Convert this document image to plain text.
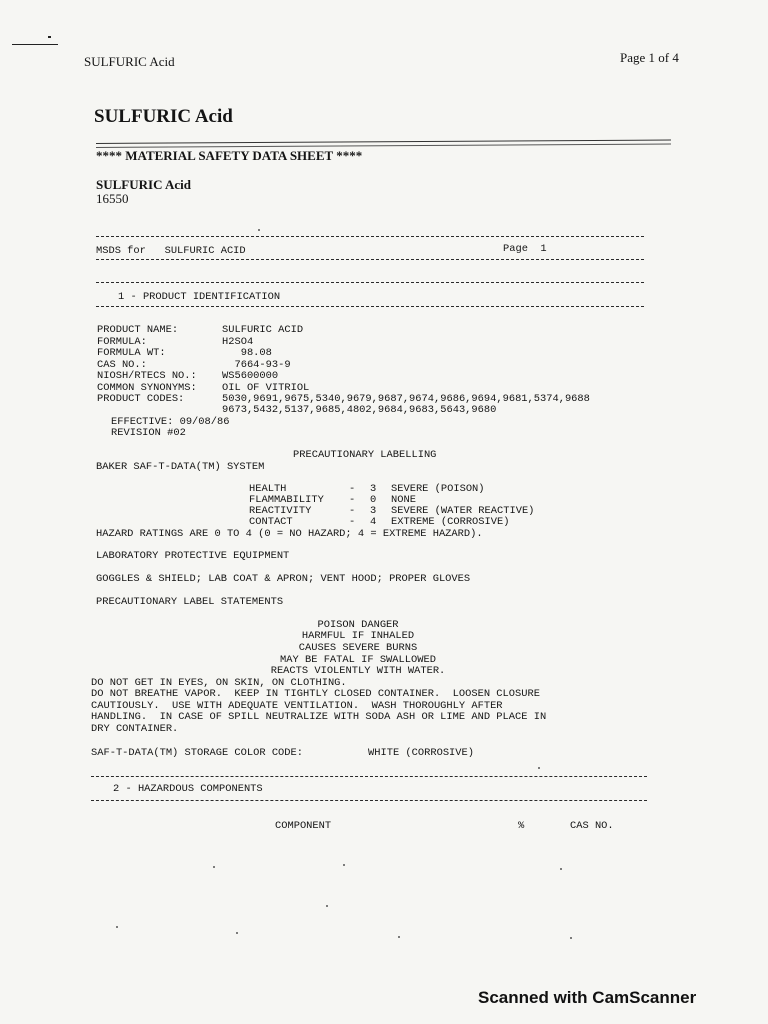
SULFURIC Acid	Page 1 of 4
SULFURIC Acid
**** MATERIAL SAFETY DATA SHEET ****
SULFURIC Acid
16550
MSDS for   SULFURIC ACID	Page  1
1 - PRODUCT IDENTIFICATION
PRODUCT NAME:	SULFURIC ACID
FORMULA:	H2SO4
FORMULA WT:	98.08
CAS NO.:	7664-93-9
NIOSH/RTECS NO.: WS5600000
COMMON SYNONYMS: OIL OF VITRIOL
PRODUCT CODES:	5030,9691,9675,5340,9679,9687,9674,9686,9694,9681,5374,9688
9673,5432,5137,9685,4802,9684,9683,5643,9680
EFFECTIVE: 09/08/86
REVISION #02
PRECAUTIONARY LABELLING
BAKER SAF-T-DATA(TM) SYSTEM
HEALTH	- 3 SEVERE (POISON)
FLAMMABILITY - 0 NONE
REACTIVITY	- 3 SEVERE (WATER REACTIVE)
CONTACT	- 4 EXTREME (CORROSIVE)
HAZARD RATINGS ARE 0 TO 4 (0 = NO HAZARD; 4 = EXTREME HAZARD).
LABORATORY PROTECTIVE EQUIPMENT
GOGGLES & SHIELD; LAB COAT & APRON; VENT HOOD; PROPER GLOVES
PRECAUTIONARY LABEL STATEMENTS
POISON DANGER
HARMFUL IF INHALED
CAUSES SEVERE BURNS
MAY BE FATAL IF SWALLOWED
REACTS VIOLENTLY WITH WATER.
DO NOT GET IN EYES, ON SKIN, ON CLOTHING.
DO NOT BREATHE VAPOR.  KEEP IN TIGHTLY CLOSED CONTAINER.  LOOSEN CLOSURE
CAUTIOUSLY.  USE WITH ADEQUATE VENTILATION.  WASH THOROUGHLY AFTER
HANDLING.  IN CASE OF SPILL NEUTRALIZE WITH SODA ASH OR LIME AND PLACE IN
DRY CONTAINER.
SAF-T-DATA(TM) STORAGE COLOR CODE:	WHITE (CORROSIVE)
2 - HAZARDOUS COMPONENTS
COMPONENT	%	CAS NO.
Scanned with CamScanner
